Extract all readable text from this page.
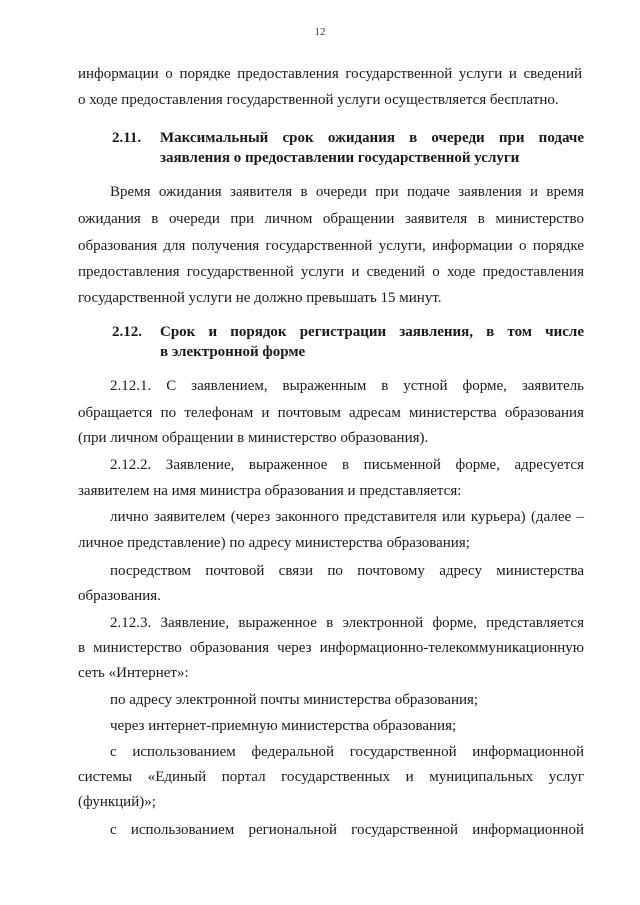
12
информации о порядке предоставления государственной услуги и сведений
о ходе предоставления государственной услуги осуществляется бесплатно.
2.11. Максимальный срок ожидания в очереди при подаче
заявления о предоставлении государственной услуги
Время ожидания заявителя в очереди при подаче заявления и время
ожидания в очереди при личном обращении заявителя в министерство
образования для получения государственной услуги, информации о порядке
предоставления государственной услуги и сведений о ходе предоставления
государственной услуги не должно превышать 15 минут.
2.12. Срок и порядок регистрации заявления, в том числе
в электронной форме
2.12.1. С заявлением, выраженным в устной форме, заявитель
обращается по телефонам и почтовым адресам министерства образования
(при личном обращении в министерство образования).
2.12.2. Заявление, выраженное в письменной форме, адресуется
заявителем на имя министра образования и представляется:
лично заявителем (через законного представителя или курьера) (далее –
личное представление) по адресу министерства образования;
посредством почтовой связи по почтовому адресу министерства
образования.
2.12.3. Заявление, выраженное в электронной форме, представляется
в министерство образования через информационно-телекоммуникационную
сеть «Интернет»:
по адресу электронной почты министерства образования;
через интернет-приемную министерства образования;
с использованием федеральной государственной информационной
системы «Единый портал государственных и муниципальных услуг
(функций)»;
с использованием региональной государственной информационной
